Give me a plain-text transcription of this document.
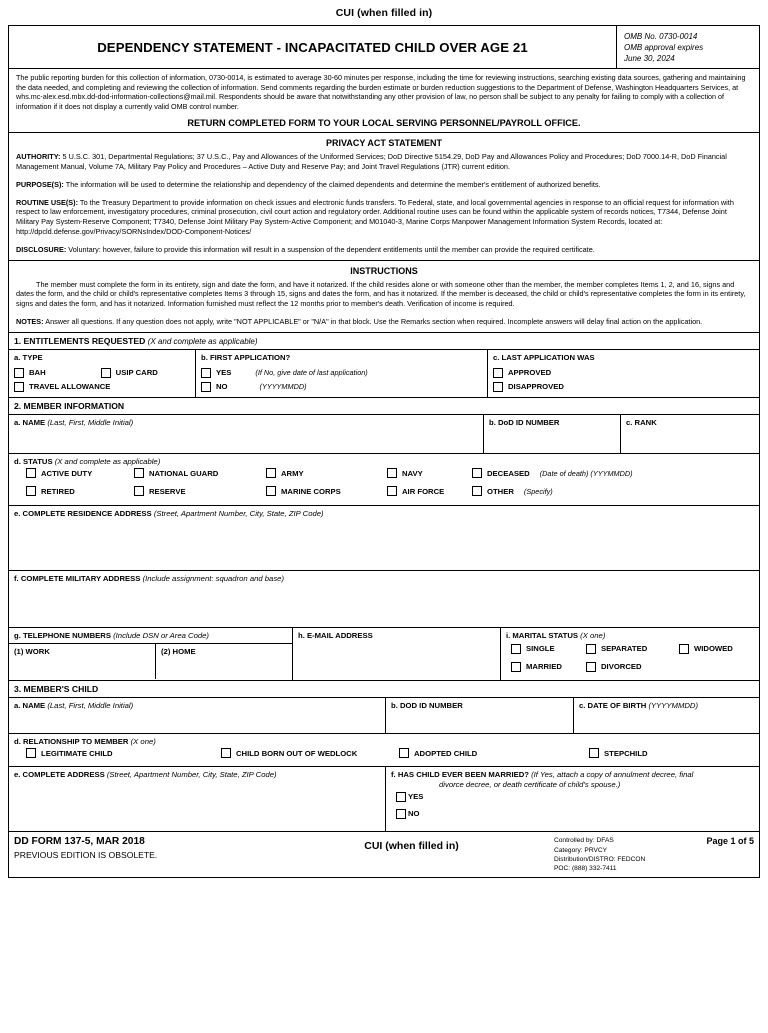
CUI (when filled in)
DEPENDENCY STATEMENT - INCAPACITATED CHILD OVER AGE 21
OMB No. 0730-0014
OMB approval expires
June 30, 2024
The public reporting burden for this collection of information, 0730-0014, is estimated to average 30-60 minutes per response, including the time for reviewing instructions, searching existing data sources, gathering and maintaining the data needed, and completing and reviewing the collection of information. Send comments regarding the burden estimate or burden reduction suggestions to the Department of Defense, Washington Headquarters Services, at whs.mc-alex.esd.mbx.dd-dod-information-collections@mail.mil. Respondents should be aware that notwithstanding any other provision of law, no person shall be subject to any penalty for failing to comply with a collection of information if it does not display a currently valid OMB control number.
RETURN COMPLETED FORM TO YOUR LOCAL SERVING PERSONNEL/PAYROLL OFFICE.
PRIVACY ACT STATEMENT

AUTHORITY: 5 U.S.C. 301, Departmental Regulations; 37 U.S.C., Pay and Allowances of the Uniformed Services; DoD Directive 5154.29, DoD Pay and Allowances Policy and Procedures; DoD 7000.14-R, DoD Financial Management Manual, Volume 7A, Military Pay Policy and Procedures – Active Duty and Reserve Pay; and Joint Travel Regulations (JTR) current edition.

PURPOSE(S): The information will be used to determine the relationship and dependency of the claimed dependents and determine the member's entitlement of authorized benefits.

ROUTINE USE(S): To the Treasury Department to provide information on check issues and electronic funds transfers. To Federal, state, and local governmental agencies in response to an official request for information with respect to law enforcement, investigatory procedures, criminal prosecution, civil court action and regulatory order. Additional routine uses can be found within the applicable system of records notices, T7344, Defense Joint Military Pay System-Reserve Component; T7340, Defense Joint Military Pay System-Active Component; and M01040-3, Marine Corps Manpower Management Information System Records, located at: http://dpcld.defense.gov/Privacy/SORNsIndex/DOD-Component-Notices/

DISCLOSURE: Voluntary: however, failure to provide this information will result in a suspension of the dependent entitlements until the member can provide the required certificate.

INSTRUCTIONS

The member must complete the form in its entirety, sign and date the form, and have it notarized. If the child resides alone or with someone other than the member, the member completes Items 1, 2, and 16, signs and dates the form, and the child or child's representative completes Items 3 through 15, signs and dates the form, and has it notarized. If the member is deceased, the child or child's representative completes the form in its entirety, signs and dates the form, and has it notarized. Information furnished must reflect the 12 months prior to member's death. Verification of income is required.

NOTES: Answer all questions. If any question does not apply, write "NOT APPLICABLE" or "N/A" in that block. Use the Remarks section when required. Incomplete answers will delay final action on the application.

1. ENTITLEMENTS REQUESTED (X and complete as applicable)
a. TYPE
BAH	USIP CARD
TRAVEL ALLOWANCE
b. FIRST APPLICATION?
YES	(If No, give date of last application)
NO	(YYYYMMDD)
c. LAST APPLICATION WAS
APPROVED
DISAPPROVED
2. MEMBER INFORMATION
a. NAME (Last, First, Middle Initial)	b. DoD ID NUMBER	c. RANK
d. STATUS (X and complete as applicable)
ACTIVE DUTY	NATIONAL GUARD	ARMY	NAVY	DECEASED (Date of death) (YYYMMDD)
RETIRED	RESERVE	MARINE CORPS	AIR FORCE	OTHER (Specify)
e. COMPLETE RESIDENCE ADDRESS (Street, Apartment Number, City, State, ZIP Code)
f. COMPLETE MILITARY ADDRESS (Include assignment: squadron and base)
g. TELEPHONE NUMBERS (Include DSN or Area Code)
(1) WORK	(2) HOME
h. E-MAIL ADDRESS	i. MARITAL STATUS (X one)
SINGLE	SEPARATED	WIDOWED
MARRIED	DIVORCED
3. MEMBER'S CHILD
a. NAME (Last, First, Middle Initial)	b. DOD ID NUMBER	c. DATE OF BIRTH (YYYYMMDD)
d. RELATIONSHIP TO MEMBER (X one)
LEGITIMATE CHILD	CHILD BORN OUT OF WEDLOCK	ADOPTED CHILD	STEPCHILD
e. COMPLETE ADDRESS (Street, Apartment Number, City, State, ZIP Code)	f. HAS CHILD EVER BEEN MARRIED? (If Yes, attach a copy of annulment decree, final
divorce decree, or death certificate of child's spouse.)
YES
NO
DD FORM 137-5, MAR 2018
PREVIOUS EDITION IS OBSOLETE.
CUI (when filled in)	Controlled by: DFAS
Category: PRVCY
Distribution/DISTRO: FEDCON
POC: (888) 332-7411
Page 1 of 5
